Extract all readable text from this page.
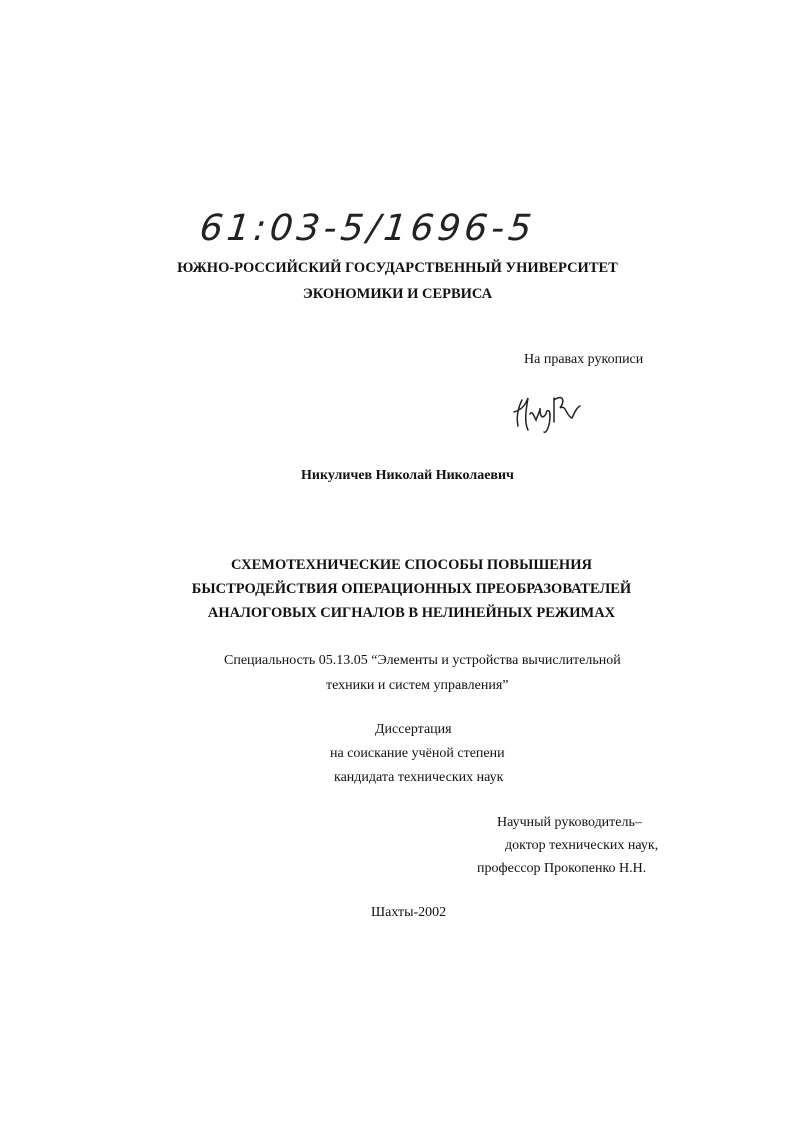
61:03-5/1696-5
ЮЖНО-РОССИЙСКИЙ ГОСУДАРСТВЕННЫЙ УНИВЕРСИТЕТ
ЭКОНОМИКИ И СЕРВИСА
На правах рукописи
Никуличев Николай Николаевич
СХЕМОТЕХНИЧЕСКИЕ СПОСОБЫ ПОВЫШЕНИЯ
БЫСТРОДЕЙСТВИЯ ОПЕРАЦИОННЫХ ПРЕОБРАЗОВАТЕЛЕЙ
АНАЛОГОВЫХ СИГНАЛОВ В НЕЛИНЕЙНЫХ РЕЖИМАХ
Специальность 05.13.05 “Элементы и устройства вычислительной
техники и систем управления”
Диссертация
на соискание учёной степени
кандидата технических наук
Научный руководитель–
доктор технических наук,
профессор Прокопенко Н.Н.
Шахты-2002
